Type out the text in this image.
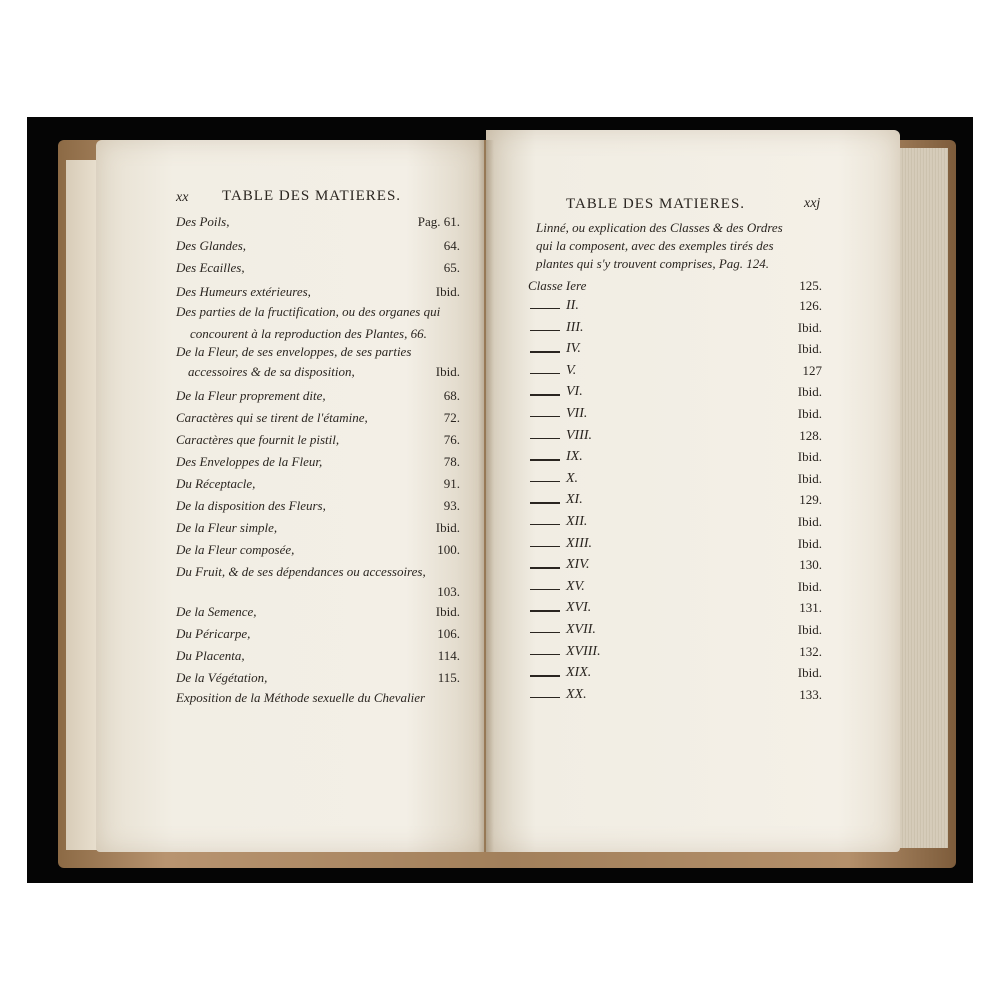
xx TABLE DES MATIERES.
Des Poils,	Pag. 61.
Des Glandes,	64.
Des Ecailles,	65.
Des Humeurs extérieures,	Ibid.
Des parties de la fructification, ou des organes qui
concourent à la reproduction des Plantes, 66.
De la Fleur, de ses enveloppes, de ses parties
accessoires & de sa disposition,	Ibid.
De la Fleur proprement dite,	68.
Caractères qui se tirent de l'étamine,	72.
Caractères que fournit le pistil,	76.
Des Enveloppes de la Fleur,	78.
Du Réceptacle,	91.
De la disposition des Fleurs,	93.
De la Fleur simple,	Ibid.
De la Fleur composée,	100.
Du Fruit, & de ses dépendances ou accessoires,
103.
De la Semence,	Ibid.
Du Péricarpe,	106.
Du Placenta,	114.
De la Végétation,	115.
Exposition de la Méthode sexuelle du Chevalier
TABLE DES MATIERES.	xxj
Linné, ou explication des Classes & des Ordres
qui la composent, avec des exemples tirés des
plantes qui s'y trouvent comprises, Pag. 124.
Classe Iere	125.
II.	126.
III.	Ibid.
IV.	Ibid.
V.	127
VI.	Ibid.
VII.	Ibid.
VIII.	128.
IX.	Ibid.
X.	Ibid.
XI.	129.
XII.	Ibid.
XIII.	Ibid.
XIV.	130.
XV.	Ibid.
XVI.	131.
XVII.	Ibid.
XVIII.	132.
XIX.	Ibid.
XX.	133.
